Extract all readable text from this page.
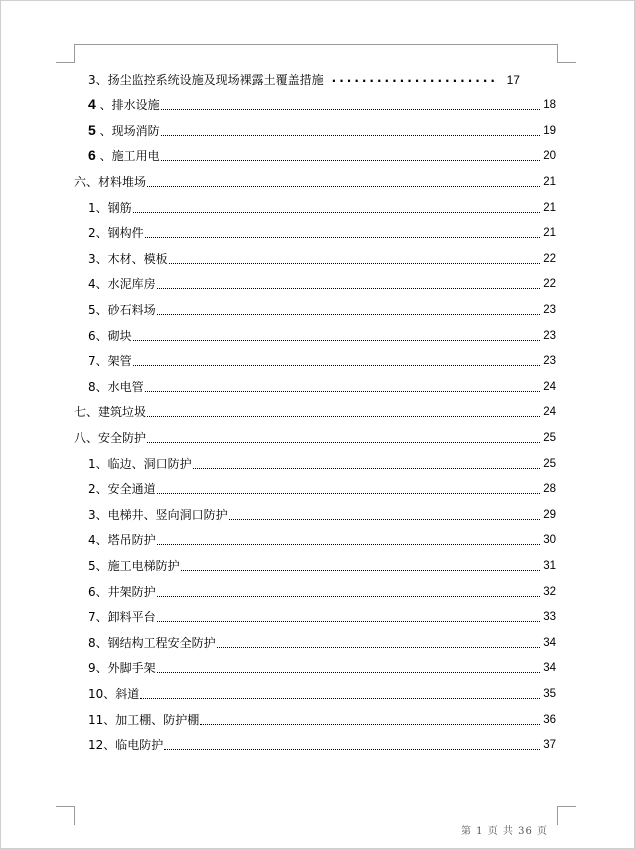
3、扬尘监控系统设施及现场裸露土覆盖措施 ...................... 17
4 、排水设施	18
5 、现场消防	19
6 、施工用电	20
六、材料堆场	21
1、钢筋	21
2、钢构件	21
3、木材、模板	22
4、水泥库房	22
5、砂石料场	23
6、砌块	23
7、架管	23
8、水电管	24
七、建筑垃圾	24
八、安全防护	25
1、临边、洞口防护	25
2、安全通道	28
3、电梯井、竖向洞口防护	29
4、塔吊防护	30
5、施工电梯防护	31
6、井架防护	32
7、卸料平台	33
8、钢结构工程安全防护	34
9、外脚手架	34
10、斜道	35
11、加工棚、防护棚	36
12、临电防护	37
第 1 页 共 36 页
